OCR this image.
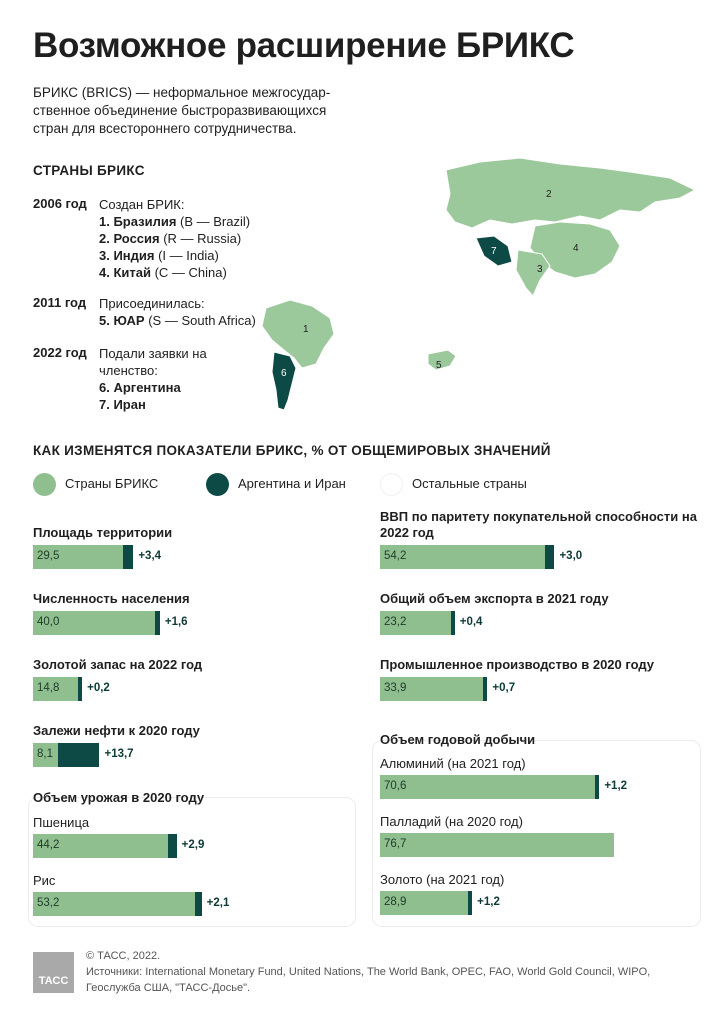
Возможное расширение БРИКС
БРИКС (BRICS) — неформальное межгосудар-ственное объединение быстроразвивающихся стран для всестороннего сотрудничества.
СТРАНЫ БРИКС
2006 год Создан БРИК:
1. Бразилия (B — Brazil)
2. Россия (R — Russia)
3. Индия (I — India)
4. Китай (C — China)
2011 год Присоединилась:
5. ЮАР (S — South Africa)
2022 год Подали заявки на членство:
6. Аргентина
7. Иран
1
2
3
4
5
6
7
КАК ИЗМЕНЯТСЯ ПОКАЗАТЕЛИ БРИКС, % ОТ ОБЩЕМИРОВЫХ ЗНАЧЕНИЙ
Страны БРИКС	Аргентина и Иран	Остальные страны
Площадь территории
29,5	+3,4
Численность населения
40,0	+1,6
Золотой запас на 2022 год
14,8 +0,2
Залежи нефти к 2020 году
8,1	+13,7
Объем урожая в 2020 году
Пшеница
44,2	+2,9
Рис
53,2	+2,1
ВВП по паритету покупательной способности на 2022 год
54,2	+3,0
Общий объем экспорта в 2021 году
23,2	+0,4
Промышленное производство в 2020 году
33,9	+0,7
Объем годовой добычи
Алюминий (на 2021 год)
70,6	+1,2
Палладий (на 2020 год)
76,7
Золото (на 2021 год)
28,9	+1,2
ТАСС
© ТАСС, 2022.
Источники: International Monetary Fund, United Nations, The World Bank, OPEC, FAO, World Gold Council, WIPO,
Геослужба США, "ТАСС-Досье".
